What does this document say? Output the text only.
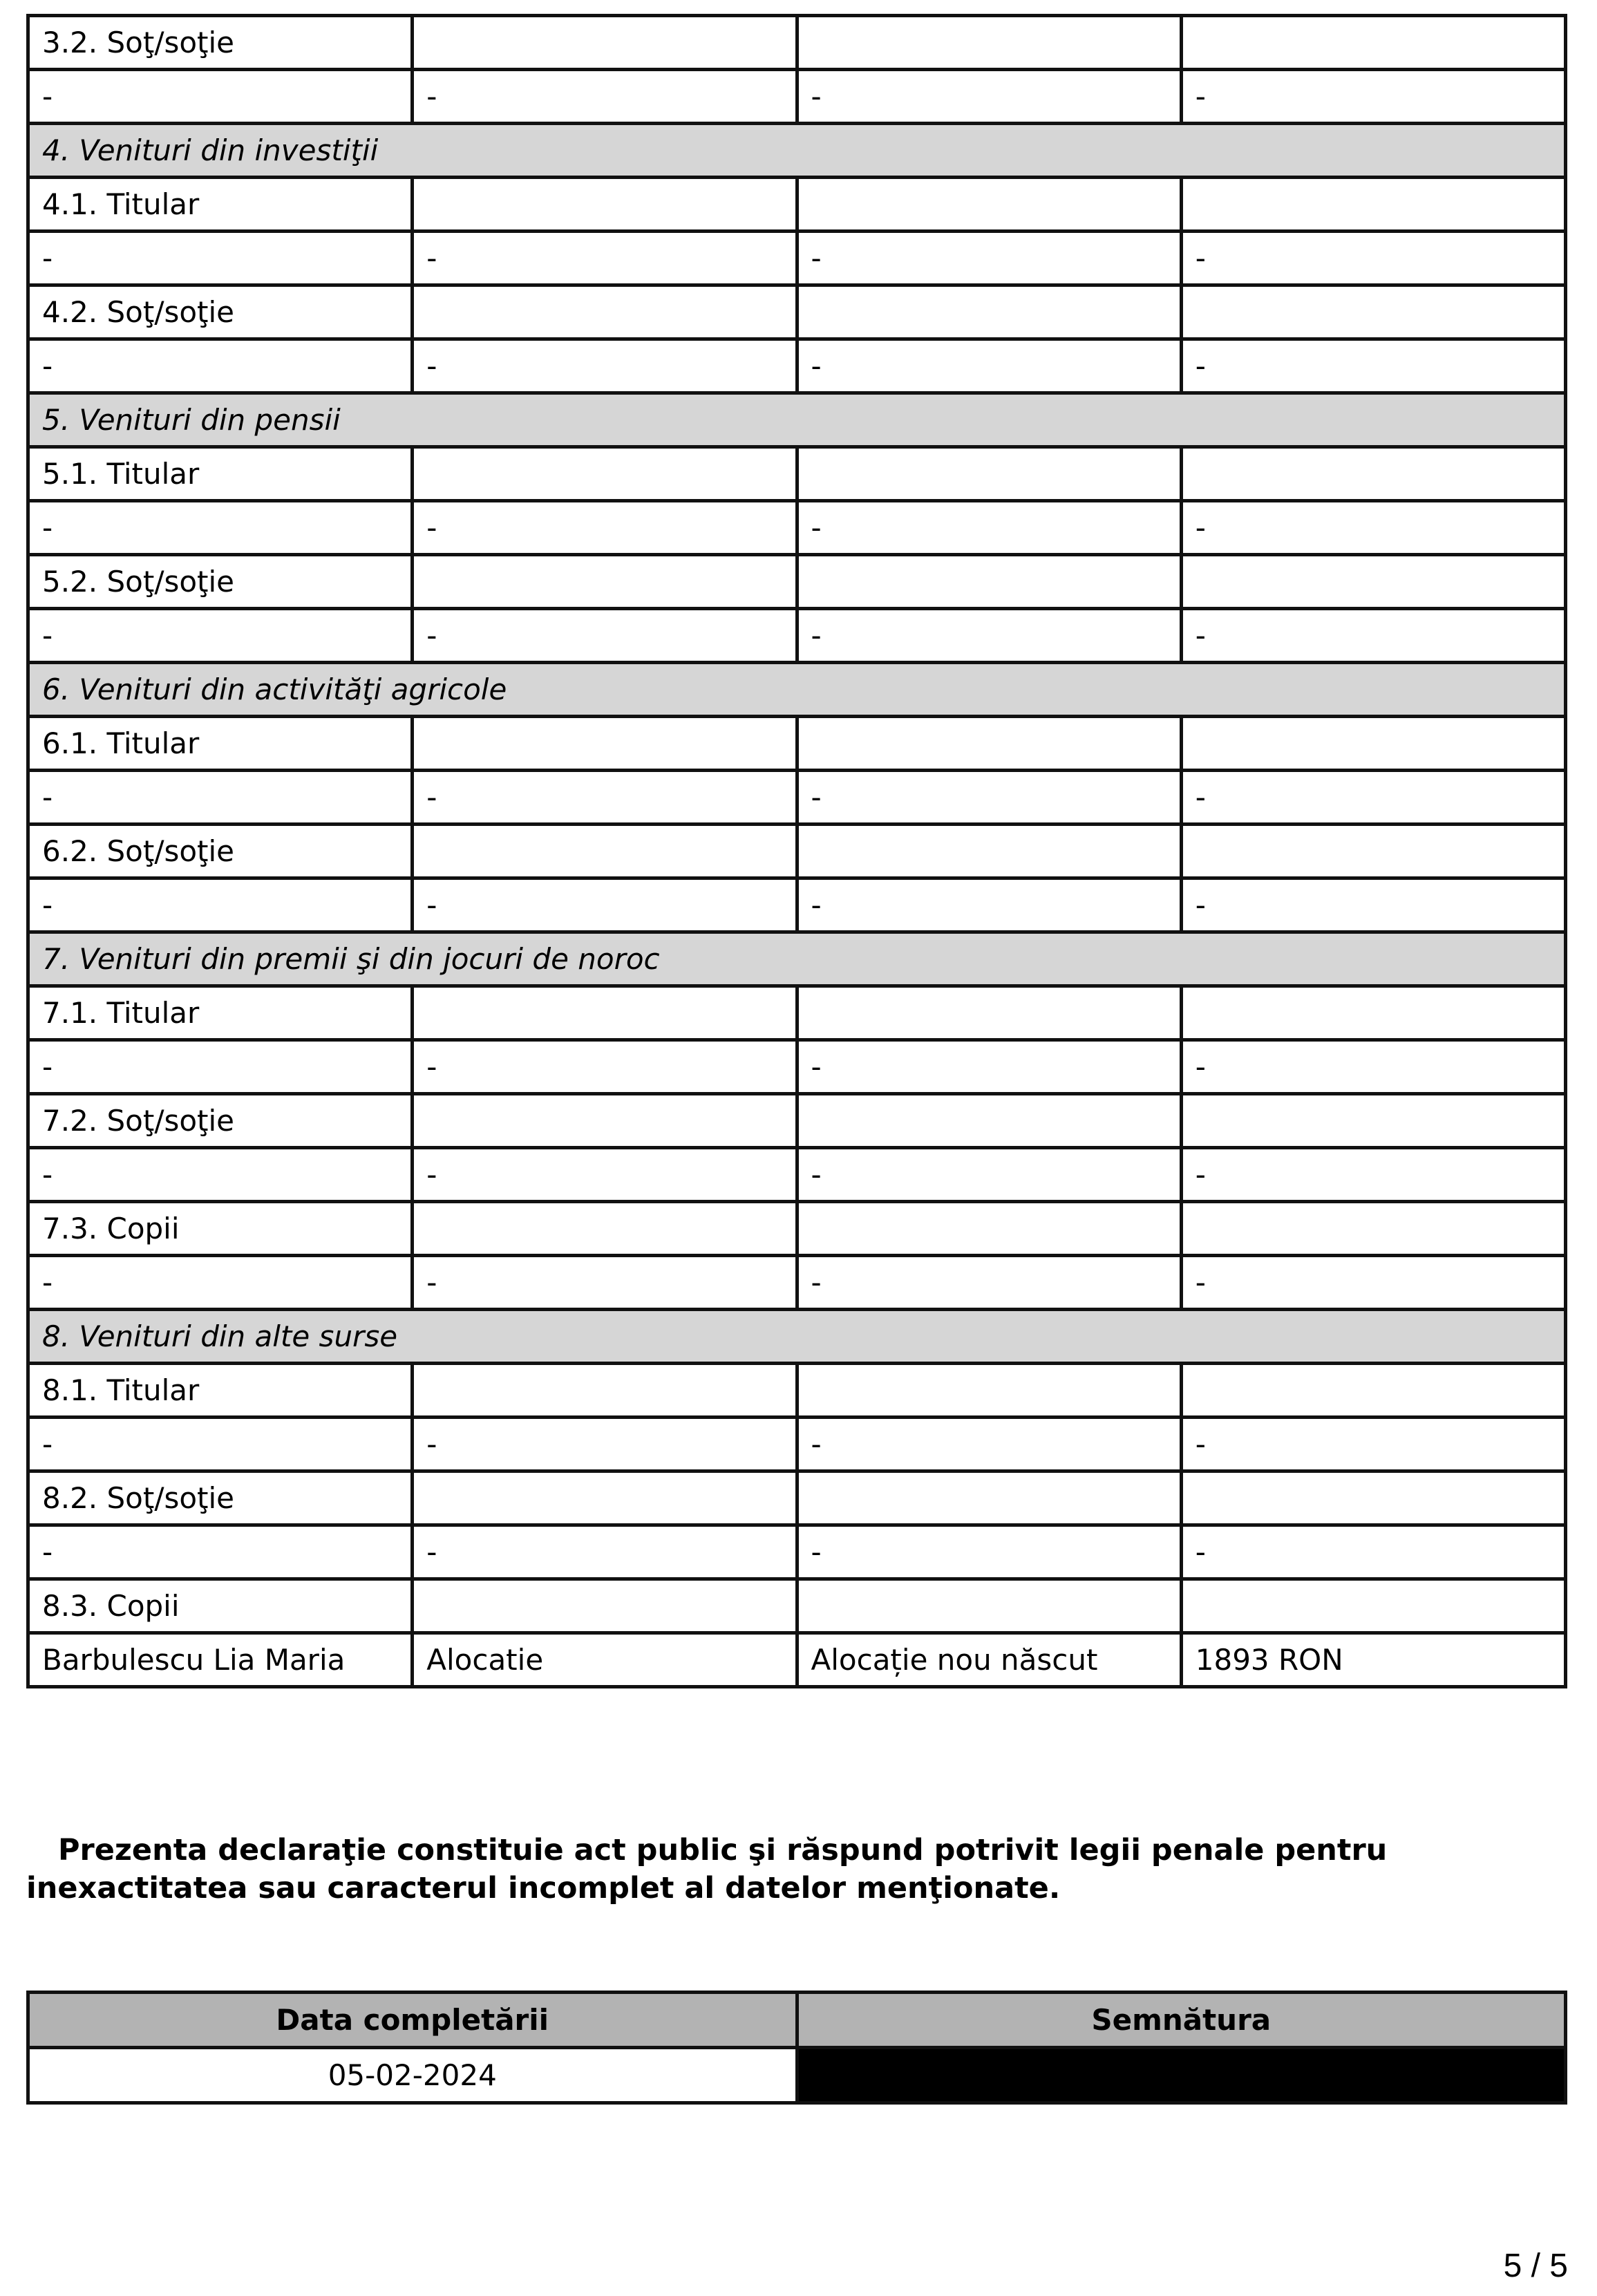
3.2. Soţ/soţie			
-	-	-	-
4. Venituri din investiţii			
4.1. Titular			
-	-	-	-
4.2. Soţ/soţie			
-	-	-	-
5. Venituri din pensii			
5.1. Titular			
-	-	-	-
5.2. Soţ/soţie			
-	-	-	-
6. Venituri din activităţi agricole			
6.1. Titular			
-	-	-	-
6.2. Soţ/soţie			
-	-	-	-
7. Venituri din premii şi din jocuri de noroc			
7.1. Titular			
-	-	-	-
7.2. Soţ/soţie			
-	-	-	-
7.3. Copii			
-	-	-	-
8. Venituri din alte surse			
8.1. Titular			
-	-	-	-
8.2. Soţ/soţie			
-	-	-	-
8.3. Copii			
Barbulescu Lia Maria	Alocatie	Alocație nou născut	1893 RON
Prezenta declaraţie constituie act public şi răspund potrivit legii penale pentru inexactitatea sau caracterul incomplet al datelor menţionate.
Data completării	Semnătura
05-02-2024	
5 / 5
